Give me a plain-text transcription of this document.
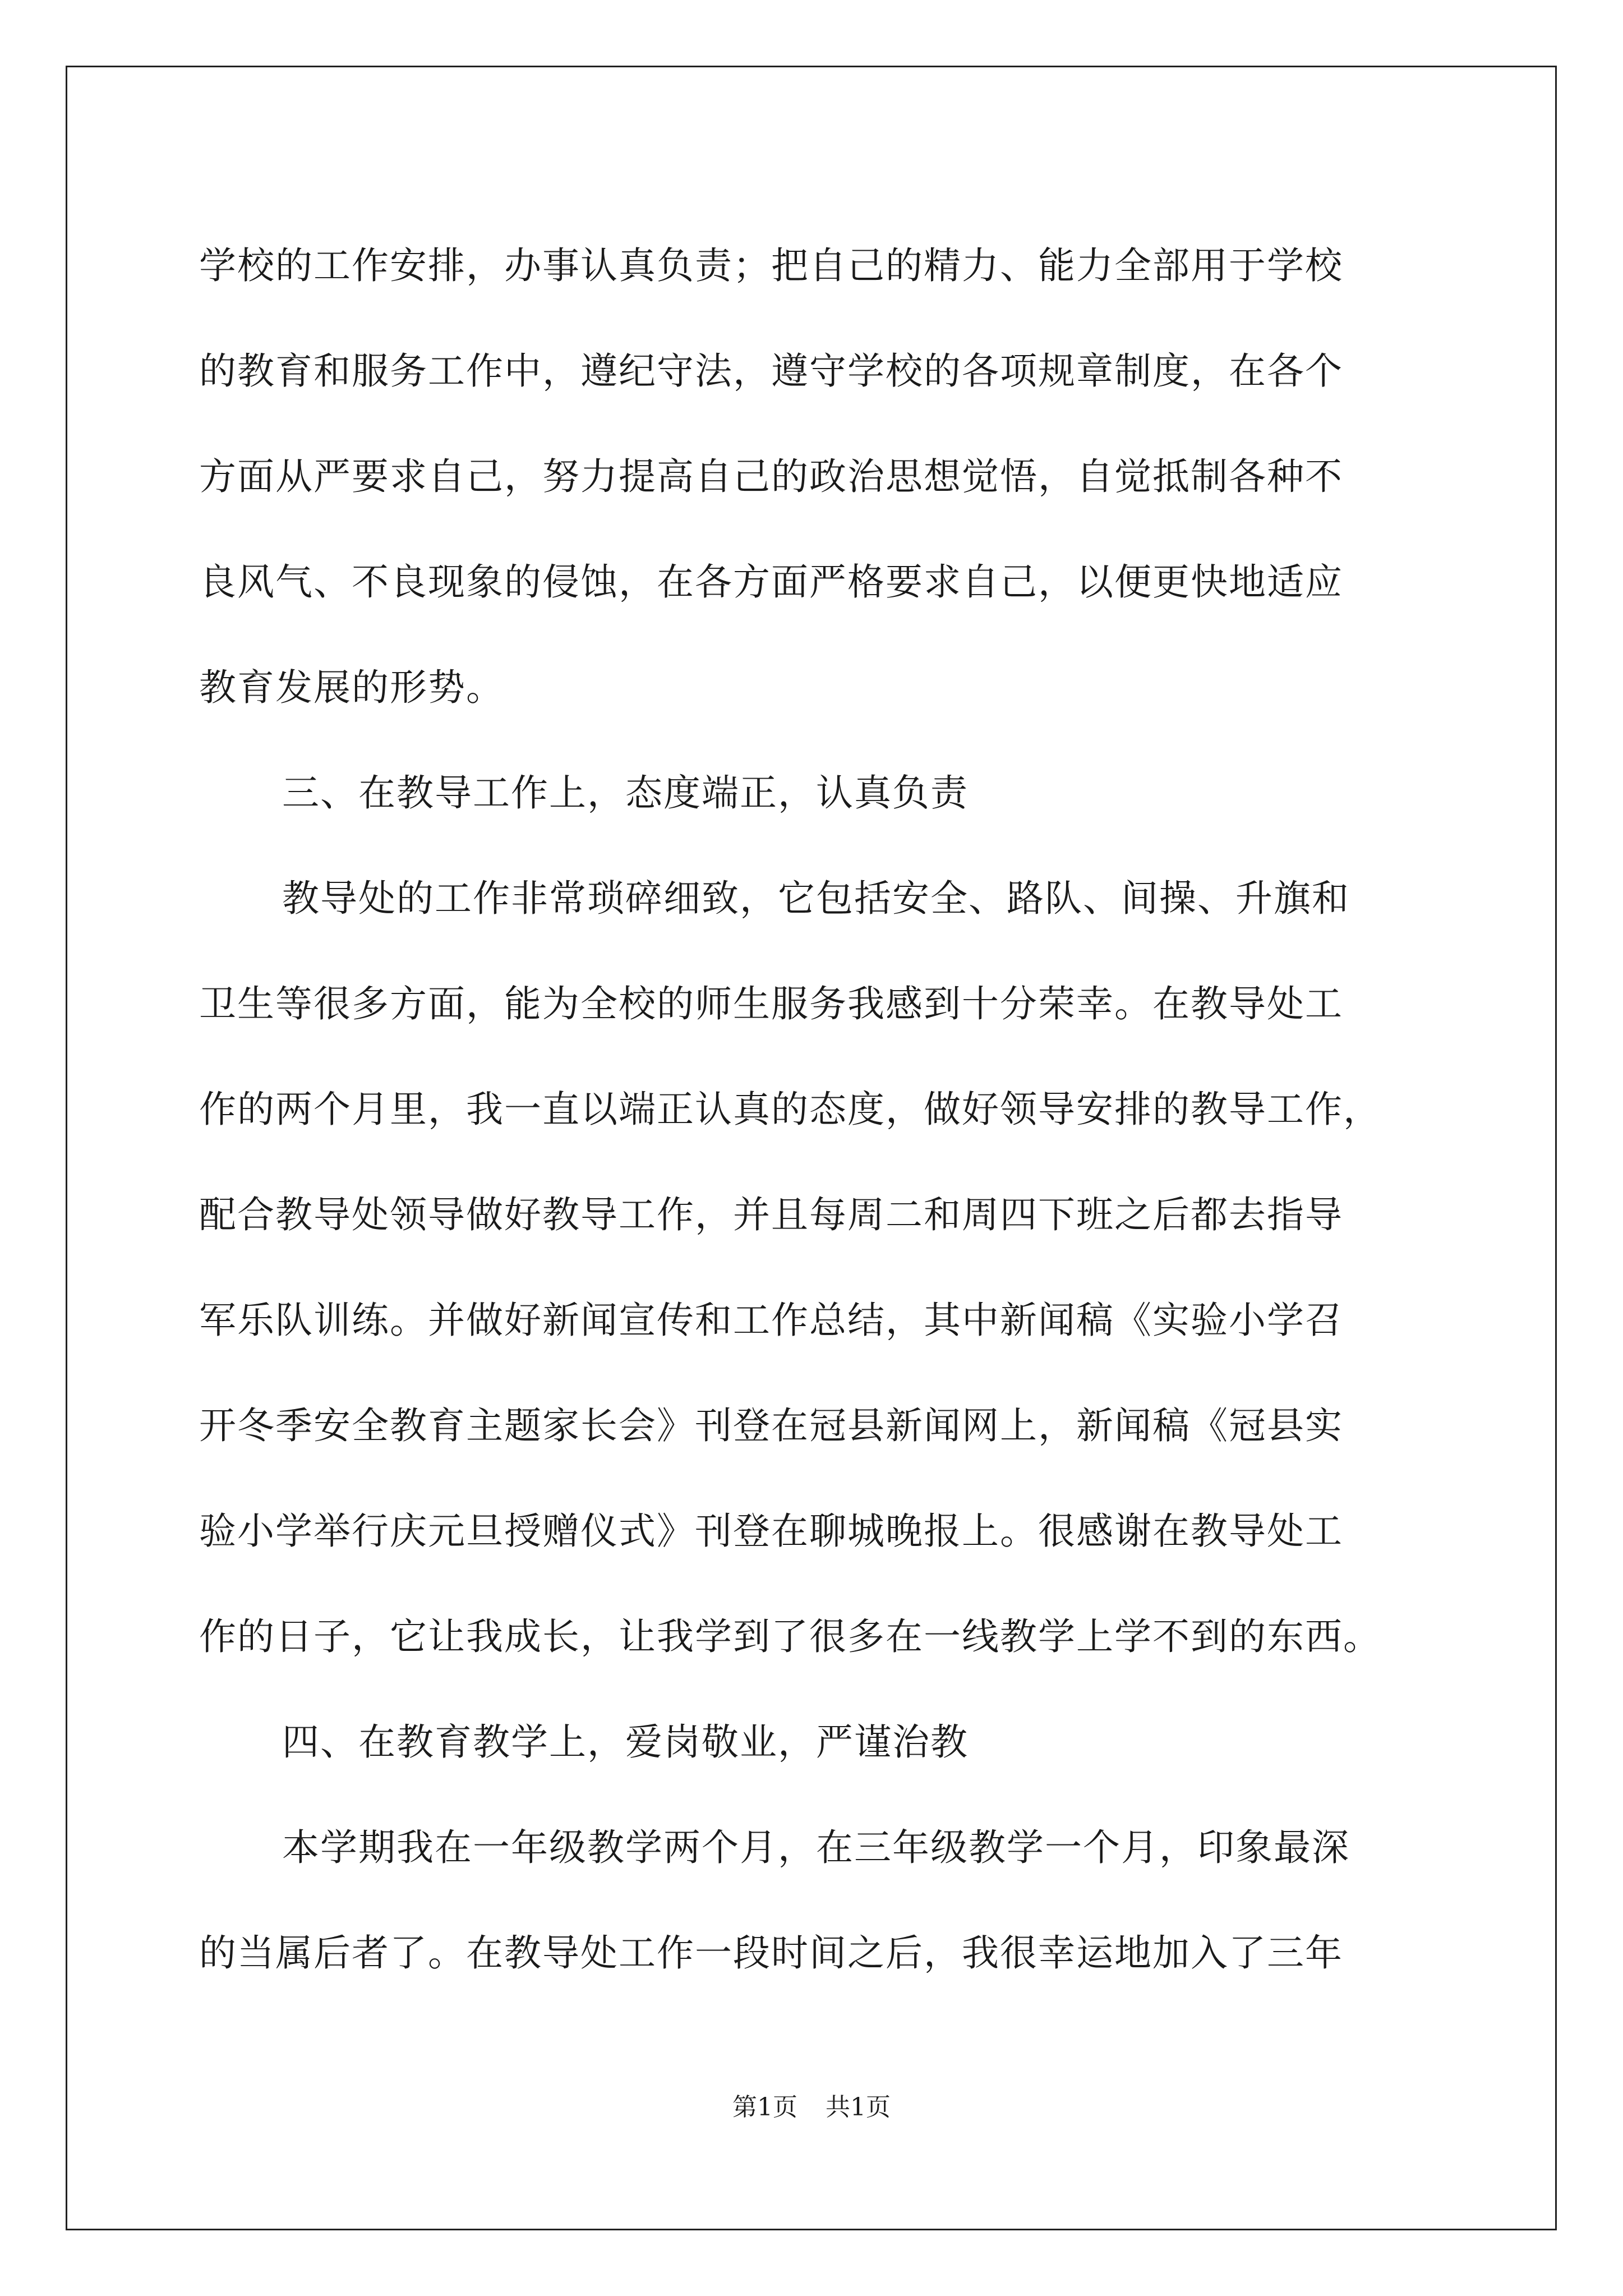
学校的工作安排，办事认真负责；把自己的精力、能力全部用于学校
的教育和服务工作中，遵纪守法，遵守学校的各项规章制度，在各个
方面从严要求自己，努力提高自己的政治思想觉悟，自觉抵制各种不
良风气、不良现象的侵蚀，在各方面严格要求自己，以便更快地适应
教育发展的形势。
三、在教导工作上，态度端正，认真负责
教导处的工作非常琐碎细致，它包括安全、路队、间操、升旗和
卫生等很多方面，能为全校的师生服务我感到十分荣幸。在教导处工
作的两个月里，我一直以端正认真的态度，做好领导安排的教导工作，
配合教导处领导做好教导工作，并且每周二和周四下班之后都去指导
军乐队训练。并做好新闻宣传和工作总结，其中新闻稿《实验小学召
开冬季安全教育主题家长会》刊登在冠县新闻网上，新闻稿《冠县实
验小学举行庆元旦授赠仪式》刊登在聊城晚报上。很感谢在教导处工
作的日子，它让我成长，让我学到了很多在一线教学上学不到的东西。
四、在教育教学上，爱岗敬业，严谨治教
本学期我在一年级教学两个月，在三年级教学一个月，印象最深
的当属后者了。在教导处工作一段时间之后，我很幸运地加入了三年
第1页 共1页
